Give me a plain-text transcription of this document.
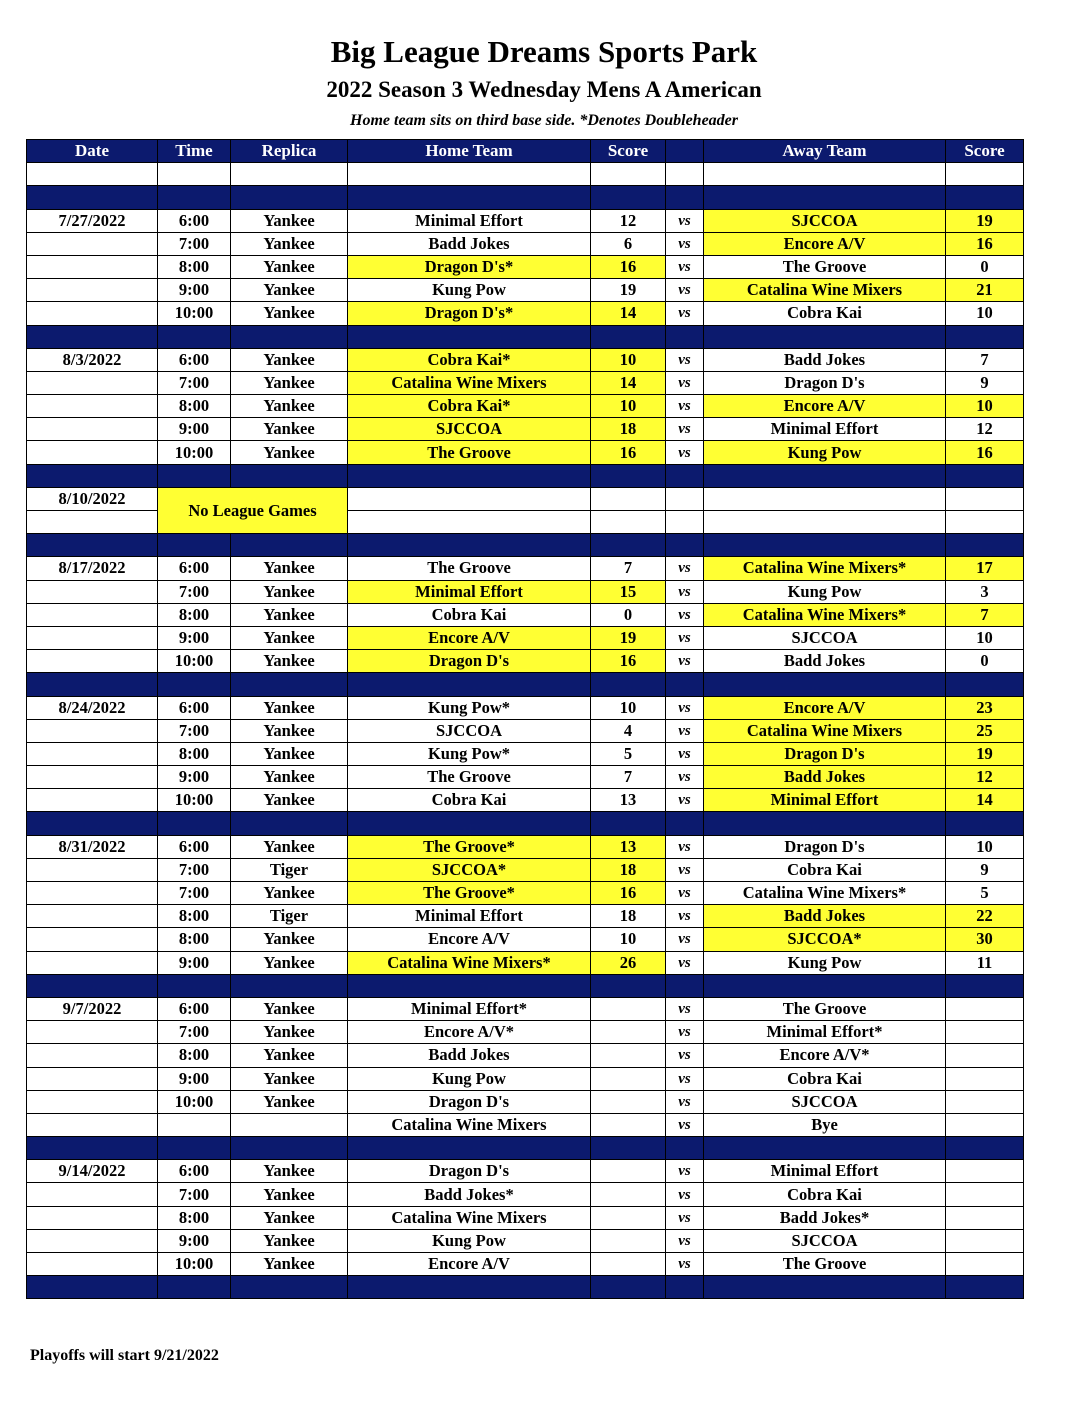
Big League Dreams Sports Park
2022 Season 3 Wednesday Mens A American
Home team sits on third base side. *Denotes Doubleheader
Date	Time	Replica	Home Team	Score		Away Team	Score

7/27/2022	6:00	Yankee	Minimal Effort	12	vs	SJCCOA	19
	7:00	Yankee	Badd Jokes	6	vs	Encore A/V	16
	8:00	Yankee	Dragon D's*	16	vs	The Groove	0
	9:00	Yankee	Kung Pow	19	vs	Catalina Wine Mixers	21
	10:00	Yankee	Dragon D's*	14	vs	Cobra Kai	10

8/3/2022	6:00	Yankee	Cobra Kai*	10	vs	Badd Jokes	7
	7:00	Yankee	Catalina Wine Mixers	14	vs	Dragon D's	9
	8:00	Yankee	Cobra Kai*	10	vs	Encore A/V	10
	9:00	Yankee	SJCCOA	18	vs	Minimal Effort	12
	10:00	Yankee	The Groove	16	vs	Kung Pow	16

8/10/2022	No League Games						

8/17/2022	6:00	Yankee	The Groove	7	vs	Catalina Wine Mixers*	17
	7:00	Yankee	Minimal Effort	15	vs	Kung Pow	3
	8:00	Yankee	Cobra Kai	0	vs	Catalina Wine Mixers*	7
	9:00	Yankee	Encore A/V	19	vs	SJCCOA	10
	10:00	Yankee	Dragon D's	16	vs	Badd Jokes	0

8/24/2022	6:00	Yankee	Kung Pow*	10	vs	Encore A/V	23
	7:00	Yankee	SJCCOA	4	vs	Catalina Wine Mixers	25
	8:00	Yankee	Kung Pow*	5	vs	Dragon D's	19
	9:00	Yankee	The Groove	7	vs	Badd Jokes	12
	10:00	Yankee	Cobra Kai	13	vs	Minimal Effort	14

8/31/2022	6:00	Yankee	The Groove*	13	vs	Dragon D's	10
	7:00	Tiger	SJCCOA*	18	vs	Cobra Kai	9
	7:00	Yankee	The Groove*	16	vs	Catalina Wine Mixers*	5
	8:00	Tiger	Minimal Effort	18	vs	Badd Jokes	22
	8:00	Yankee	Encore A/V	10	vs	SJCCOA*	30
	9:00	Yankee	Catalina Wine Mixers*	26	vs	Kung Pow	11

9/7/2022	6:00	Yankee	Minimal Effort*		vs	The Groove	
	7:00	Yankee	Encore A/V*		vs	Minimal Effort*	
	8:00	Yankee	Badd Jokes		vs	Encore A/V*	
	9:00	Yankee	Kung Pow		vs	Cobra Kai	
	10:00	Yankee	Dragon D's		vs	SJCCOA	
			Catalina Wine Mixers		vs	Bye	

9/14/2022	6:00	Yankee	Dragon D's		vs	Minimal Effort	
	7:00	Yankee	Badd Jokes*		vs	Cobra Kai	
	8:00	Yankee	Catalina Wine Mixers		vs	Badd Jokes*	
	9:00	Yankee	Kung Pow		vs	SJCCOA	
	10:00	Yankee	Encore A/V		vs	The Groove	

Playoffs will start 9/21/2022
